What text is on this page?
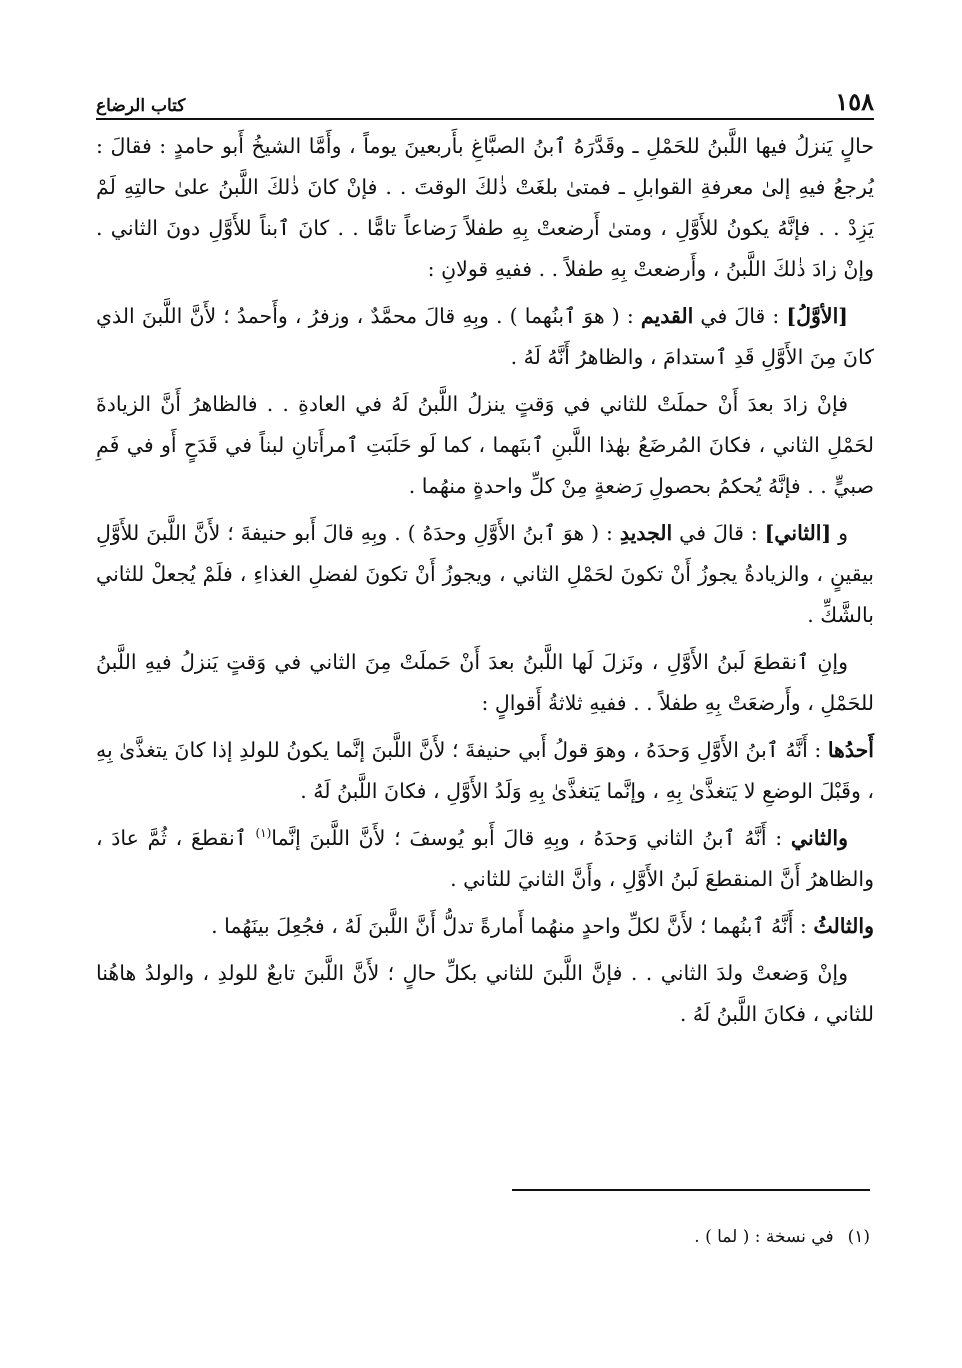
١٥٨
كتاب الرضاع

حالٍ يَنزلُ فيها اللَّبنُ للحَمْلِ ـ وقَدَّرَهُ ٱبنُ الصبَّاغِ بأَربعينَ يوماً ، وأَمَّا الشيخُ أَبو حامدٍ : فقالَ : يُرجعُ فيهِ إلىٰ معرفةِ القوابلِ ـ فمتىٰ بلغَتْ ذٰلكَ الوقتَ . . فإنْ كانَ ذٰلكَ اللَّبنُ علىٰ حالتِهِ لَمْ يَزِدْ . . فإنَّهُ يكونُ للأَوَّلِ ، ومتىٰ أَرضعتْ بِهِ طفلاً رَضاعاً تامًّا . . كانَ ٱبناً للأَوَّلِ دونَ الثاني . وإنْ زادَ ذٰلكَ اللَّبنُ ، وأَرضعتْ بِهِ طفلاً . . ففيهِ قولانِ :

[الأوَّلُ] : قالَ في القديم : ( هوَ ٱبنُهما ) . وبِهِ قالَ محمَّدٌ ، وزفرُ ، وأَحمدُ ؛ لأَنَّ اللَّبنَ الذي كانَ مِنَ الأَوَّلِ قَدِ ٱستدامَ ، والظاهرُ أَنَّهُ لَهُ .

فإنْ زادَ بعدَ أَنْ حملَتْ للثاني في وَقتٍ ينزلُ اللَّبنُ لَهُ في العادةِ . . فالظاهرُ أَنَّ الزيادةَ لحَمْلِ الثاني ، فكانَ المُرضَعُ بهٰذا اللَّبنِ ٱبنَهما ، كما لَو حَلَبَتِ ٱمرأَتانِ لبناً في قَدَحٍ أَو في فَمِ صبيٍّ . . فإنَّهُ يُحكمُ بحصولِ رَضعةٍ مِنْ كلِّ واحدةٍ منهُما .

و [الثاني] : قالَ في الجديدِ : ( هوَ ٱبنُ الأَوَّلِ وحدَهُ ) . وبِهِ قالَ أَبو حنيفةَ ؛ لأَنَّ اللَّبنَ للأَوَّلِ بيقينٍ ، والزيادةُ يجوزُ أَنْ تكونَ لحَمْلِ الثاني ، ويجوزُ أَنْ تكونَ لفضلِ الغذاءِ ، فلَمْ يُجعلْ للثاني بالشَّكِّ .

وإنِ ٱنقطعَ لَبنُ الأَوَّلِ ، ونَزلَ لَها اللَّبنُ بعدَ أَنْ حَملَتْ مِنَ الثاني في وَقتٍ يَنزلُ فيهِ اللَّبنُ للحَمْلِ ، وأَرضعَتْ بِهِ طفلاً . . ففيهِ ثلاثةُ أَقوالٍ :

أَحدُها : أَنَّهُ ٱبنُ الأَوَّلِ وَحدَهُ ، وهوَ قولُ أَبي حنيفةَ ؛ لأَنَّ اللَّبنَ إنَّما يكونُ للولدِ إذا كانَ يتغذَّىٰ بِهِ ، وقَبْلَ الوضعِ لا يَتغذَّىٰ بِهِ ، وإنَّما يَتغذَّىٰ بِهِ وَلَدُ الأَوَّلِ ، فكانَ اللَّبنُ لَهُ .

والثاني : أَنَّهُ ٱبنُ الثاني وَحدَهُ ، وبِهِ قالَ أَبو يُوسفَ ؛ لأَنَّ اللَّبنَ إنَّما$^{(١)}$ ٱنقطعَ ، ثُمَّ عادَ ، والظاهرُ أَنَّ المنقطعَ لَبنُ الأَوَّلِ ، وأَنَّ الثانيَ للثاني .

والثالثُ : أَنَّهُ ٱبنُهما ؛ لأَنَّ لكلِّ واحدٍ منهُما أَمارةً تدلُّ أَنَّ اللَّبنَ لَهُ ، فجُعِلَ بينَهُما .

وإنْ وَضعتْ ولدَ الثاني . . فإنَّ اللَّبنَ للثاني بكلِّ حالٍ ؛ لأَنَّ اللَّبنَ تابعٌ للولدِ ، والولدُ هاهُنا للثاني ، فكانَ اللَّبنُ لَهُ .

(١)في نسخة : ( لما ) .
